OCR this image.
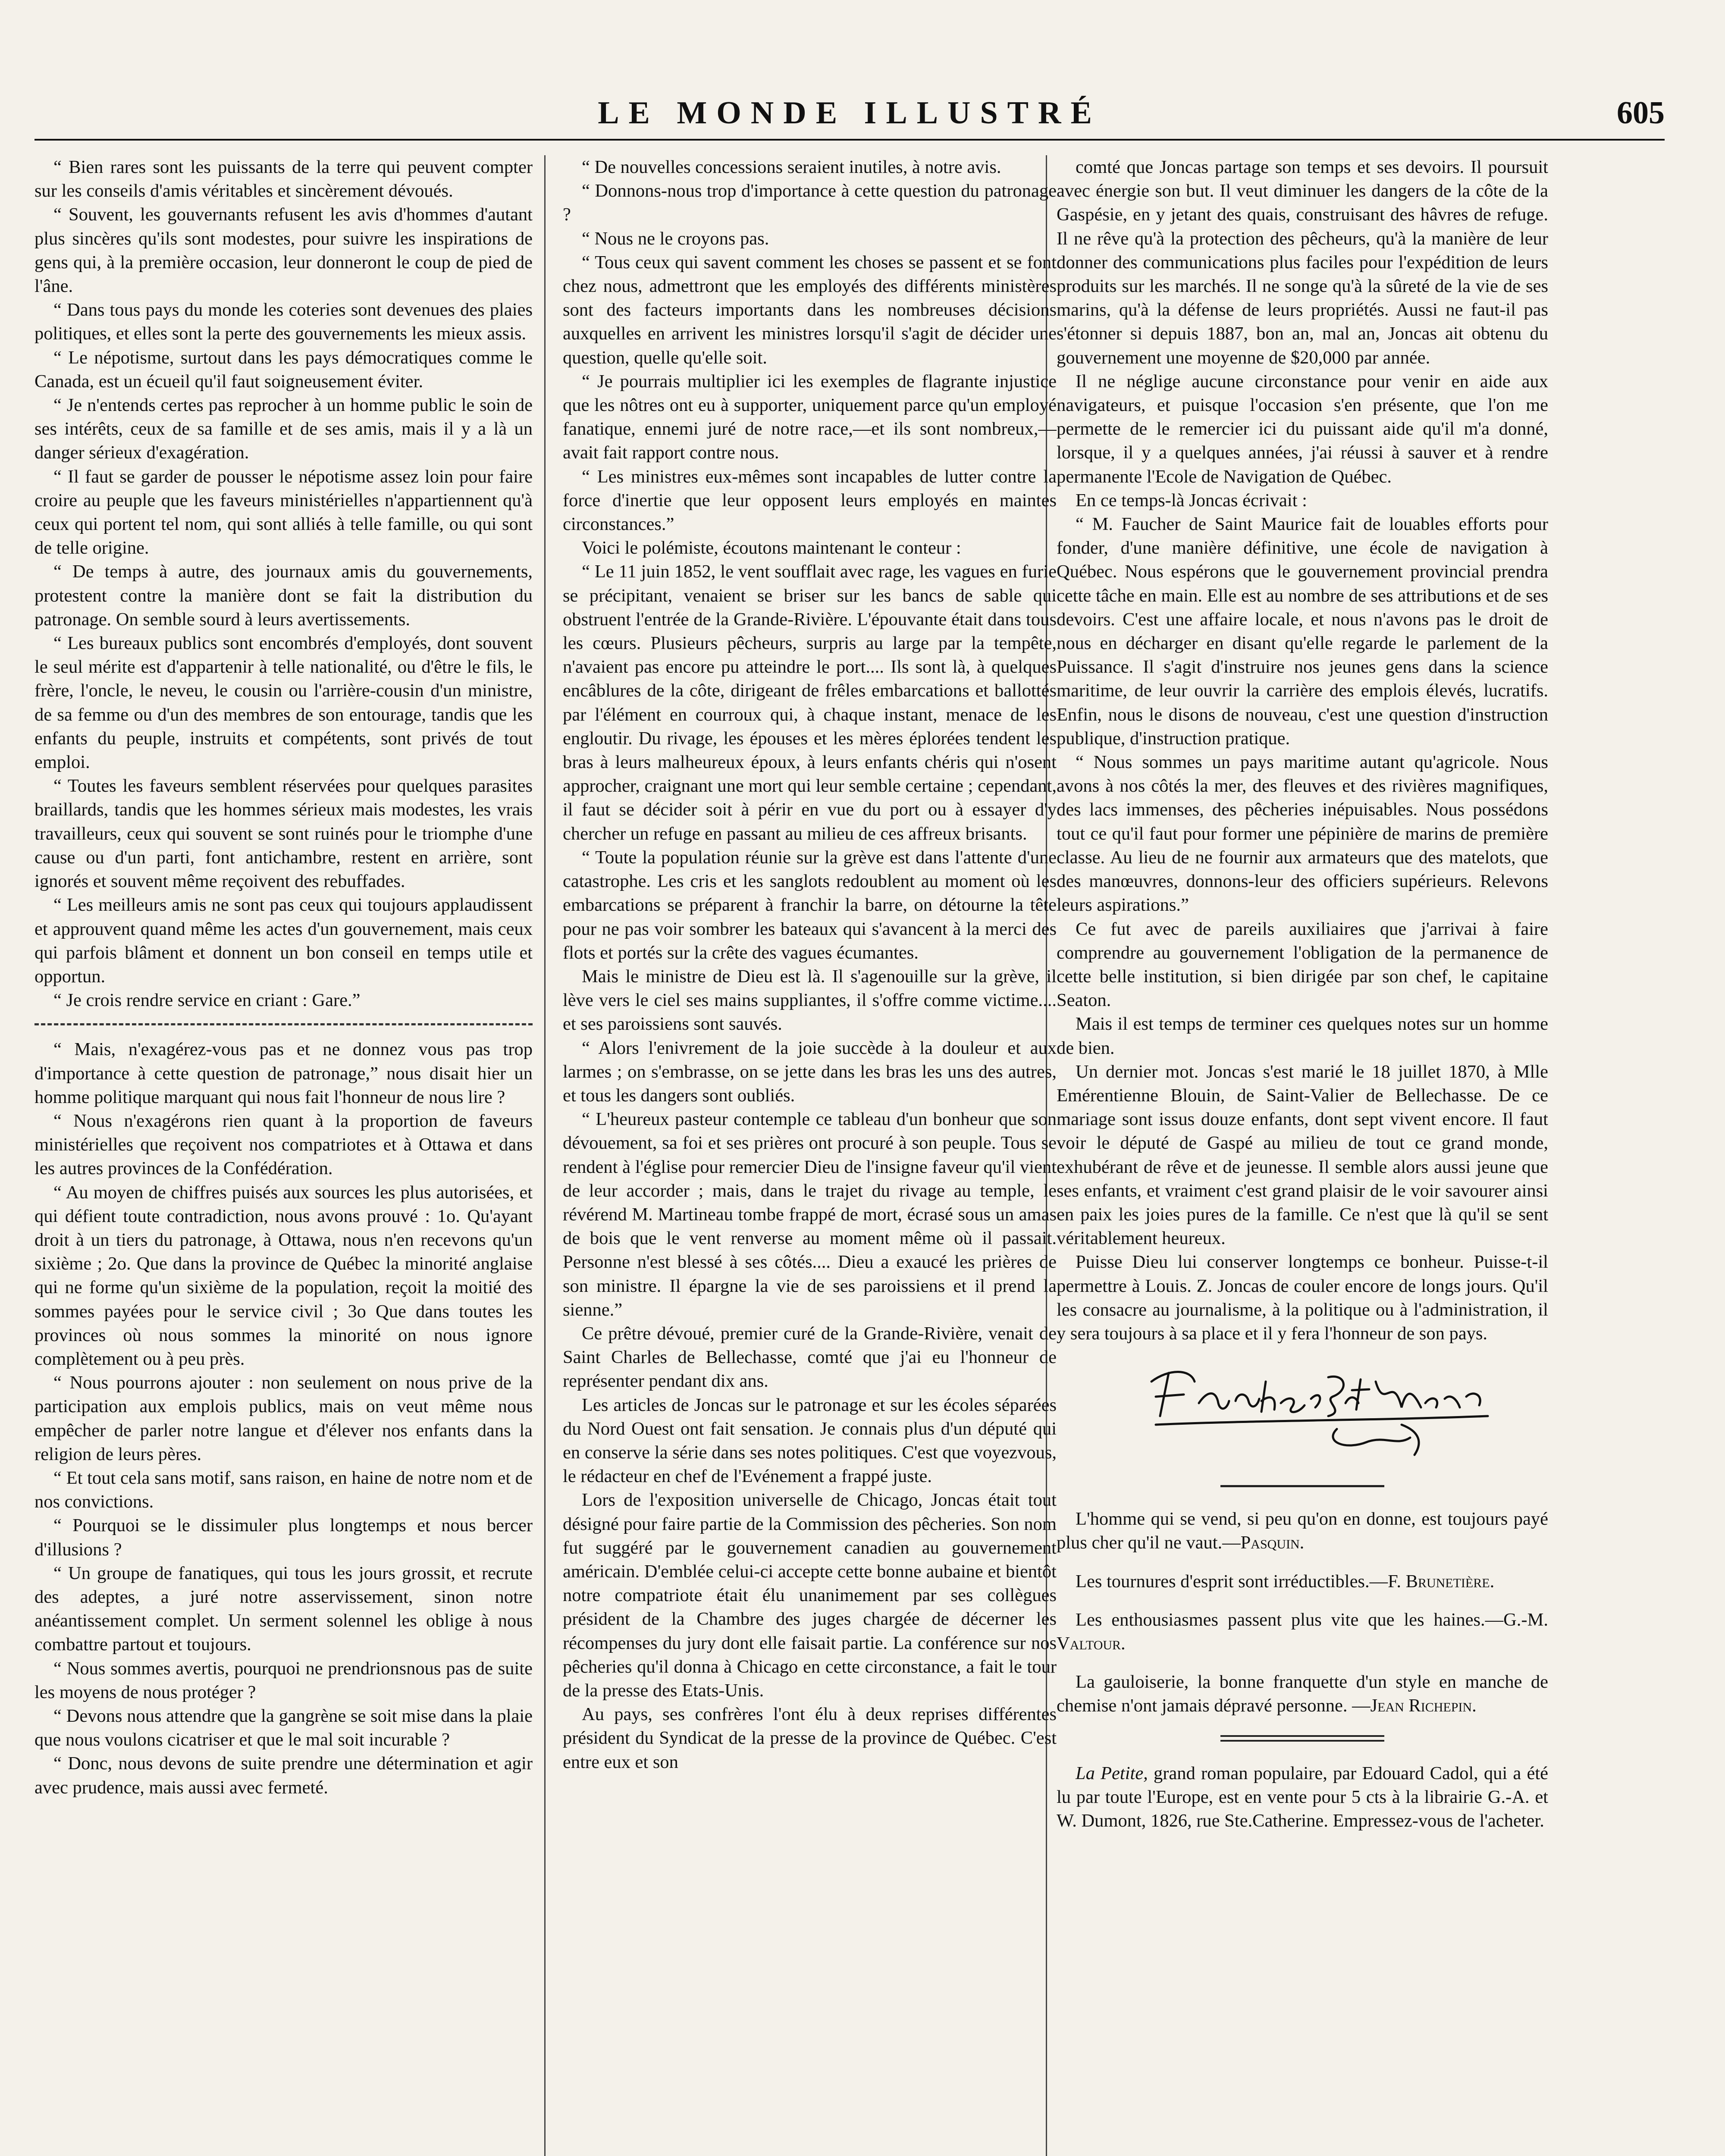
LE MONDE ILLUSTRÉ	605

“ Bien rares sont les puissants de la terre qui peuvent compter sur les conseils d'amis véritables et sincèrement dévoués.

“ Souvent, les gouvernants refusent les avis d'hommes d'autant plus sincères qu'ils sont modestes, pour suivre les inspirations de gens qui, à la première occasion, leur donneront le coup de pied de l'âne.

“ Dans tous pays du monde les coteries sont devenues des plaies politiques, et elles sont la perte des gouvernements les mieux assis.

“ Le népotisme, surtout dans les pays démocratiques comme le Canada, est un écueil qu'il faut soigneusement éviter.

“ Je n'entends certes pas reprocher à un homme public le soin de ses intérêts, ceux de sa famille et de ses amis, mais il y a là un danger sérieux d'exagération.

“ Il faut se garder de pousser le népotisme assez loin pour faire croire au peuple que les faveurs ministérielles n'appartiennent qu'à ceux qui portent tel nom, qui sont alliés à telle famille, ou qui sont de telle origine.

“ De temps à autre, des journaux amis du gouvernements, protestent contre la manière dont se fait la distribution du patronage. On semble sourd à leurs avertissements.

“ Les bureaux publics sont encombrés d'employés, dont souvent le seul mérite est d'appartenir à telle nationalité, ou d'être le fils, le frère, l'oncle, le neveu, le cousin ou l'arrière-cousin d'un ministre, de sa femme ou d'un des membres de son entourage, tandis que les enfants du peuple, instruits et compétents, sont privés de tout emploi.

“ Toutes les faveurs semblent réservées pour quelques parasites braillards, tandis que les hommes sérieux mais modestes, les vrais travailleurs, ceux qui souvent se sont ruinés pour le triomphe d'une cause ou d'un parti, font antichambre, restent en arrière, sont ignorés et souvent même reçoivent des rebuffades.

“ Les meilleurs amis ne sont pas ceux qui toujours applaudissent et approuvent quand même les actes d'un gouvernement, mais ceux qui parfois blâment et donnent un bon conseil en temps utile et opportun.

“ Je crois rendre service en criant : Gare.”

“ Mais, n'exagérez-vous pas et ne donnez vous pas trop d'importance à cette question de patronage,” nous disait hier un homme politique marquant qui nous fait l'honneur de nous lire ?

“ Nous n'exagérons rien quant à la proportion de faveurs ministérielles que reçoivent nos compatriotes et à Ottawa et dans les autres provinces de la Confédération.

“ Au moyen de chiffres puisés aux sources les plus autorisées, et qui défient toute contradiction, nous avons prouvé : 1o. Qu'ayant droit à un tiers du patronage, à Ottawa, nous n'en recevons qu'un sixième ; 2o. Que dans la province de Québec la minorité anglaise qui ne forme qu'un sixième de la population, reçoit la moitié des sommes payées pour le service civil ; 3o Que dans toutes les provinces où nous sommes la minorité on nous ignore complètement ou à peu près.

“ Nous pourrons ajouter : non seulement on nous prive de la participation aux emplois publics, mais on veut même nous empêcher de parler notre langue et d'élever nos enfants dans la religion de leurs pères.

“ Et tout cela sans motif, sans raison, en haine de notre nom et de nos convictions.

“ Pourquoi se le dissimuler plus longtemps et nous bercer d'illusions ?

“ Un groupe de fanatiques, qui tous les jours grossit, et recrute des adeptes, a juré notre asservissement, sinon notre anéantissement complet. Un serment solennel les oblige à nous combattre partout et toujours.

“ Nous sommes avertis, pourquoi ne prendrionsnous pas de suite les moyens de nous protéger ?

“ Devons nous attendre que la gangrène se soit mise dans la plaie que nous voulons cicatriser et que le mal soit incurable ?

“ Donc, nous devons de suite prendre une détermination et agir avec prudence, mais aussi avec fermeté.

“ De nouvelles concessions seraient inutiles, à notre avis.

“ Donnons-nous trop d'importance à cette question du patronage ?

“ Nous ne le croyons pas.

“ Tous ceux qui savent comment les choses se passent et se font chez nous, admettront que les employés des différents ministères sont des facteurs importants dans les nombreuses décisions auxquelles en arrivent les ministres lorsqu'il s'agit de décider une question, quelle qu'elle soit.

“ Je pourrais multiplier ici les exemples de flagrante injustice que les nôtres ont eu à supporter, uniquement parce qu'un employé fanatique, ennemi juré de notre race,—et ils sont nombreux,—avait fait rapport contre nous.

“ Les ministres eux-mêmes sont incapables de lutter contre la force d'inertie que leur opposent leurs employés en maintes circonstances.”

Voici le polémiste, écoutons maintenant le conteur :

“ Le 11 juin 1852, le vent soufflait avec rage, les vagues en furie se précipitant, venaient se briser sur les bancs de sable qui obstruent l'entrée de la Grande-Rivière. L'épouvante était dans tous les cœurs. Plusieurs pêcheurs, surpris au large par la tempête, n'avaient pas encore pu atteindre le port.... Ils sont là, à quelques encâblures de la côte, dirigeant de frêles embarcations et ballottés par l'élément en courroux qui, à chaque instant, menace de les engloutir. Du rivage, les épouses et les mères éplorées tendent les bras à leurs malheureux époux, à leurs enfants chéris qui n'osent approcher, craignant une mort qui leur semble certaine ; cependant, il faut se décider soit à périr en vue du port ou à essayer d'y chercher un refuge en passant au milieu de ces affreux brisants.

“ Toute la population réunie sur la grève est dans l'attente d'une catastrophe. Les cris et les sanglots redoublent au moment où les embarcations se préparent à franchir la barre, on détourne la tête pour ne pas voir sombrer les bateaux qui s'avancent à la merci des flots et portés sur la crête des vagues écumantes.

Mais le ministre de Dieu est là. Il s'agenouille sur la grève, il lève vers le ciel ses mains suppliantes, il s'offre comme victime.... et ses paroissiens sont sauvés.

“ Alors l'enivrement de la joie succède à la douleur et aux larmes ; on s'embrasse, on se jette dans les bras les uns des autres, et tous les dangers sont oubliés.

“ L'heureux pasteur contemple ce tableau d'un bonheur que son dévouement, sa foi et ses prières ont procuré à son peuple. Tous se rendent à l'église pour remercier Dieu de l'insigne faveur qu'il vient de leur accorder ; mais, dans le trajet du rivage au temple, le révérend M. Martineau tombe frappé de mort, écrasé sous un amas de bois que le vent renverse au moment même où il passait. Personne n'est blessé à ses côtés.... Dieu a exaucé les prières de son ministre. Il épargne la vie de ses paroissiens et il prend la sienne.”

Ce prêtre dévoué, premier curé de la Grande-Rivière, venait de Saint Charles de Bellechasse, comté que j'ai eu l'honneur de représenter pendant dix ans.

Les articles de Joncas sur le patronage et sur les écoles séparées du Nord Ouest ont fait sensation. Je connais plus d'un député qui en conserve la série dans ses notes politiques. C'est que voyezvous, le rédacteur en chef de l'Evénement a frappé juste.

Lors de l'exposition universelle de Chicago, Joncas était tout désigné pour faire partie de la Commission des pêcheries. Son nom fut suggéré par le gouvernement canadien au gouvernement américain. D'emblée celui-ci accepte cette bonne aubaine et bientôt notre compatriote était élu unanimement par ses collègues président de la Chambre des juges chargée de décerner les récompenses du jury dont elle faisait partie. La conférence sur nos pêcheries qu'il donna à Chicago en cette circonstance, a fait le tour de la presse des Etats-Unis.

Au pays, ses confrères l'ont élu à deux reprises différentes président du Syndicat de la presse de la province de Québec. C'est entre eux et son

comté que Joncas partage son temps et ses devoirs. Il poursuit avec énergie son but. Il veut diminuer les dangers de la côte de la Gaspésie, en y jetant des quais, construisant des hâvres de refuge. Il ne rêve qu'à la protection des pêcheurs, qu'à la manière de leur donner des communications plus faciles pour l'expédition de leurs produits sur les marchés. Il ne songe qu'à la sûreté de la vie de ses marins, qu'à la défense de leurs propriétés. Aussi ne faut-il pas s'étonner si depuis 1887, bon an, mal an, Joncas ait obtenu du gouvernement une moyenne de $20,000 par année.

Il ne néglige aucune circonstance pour venir en aide aux navigateurs, et puisque l'occasion s'en présente, que l'on me permette de le remercier ici du puissant aide qu'il m'a donné, lorsque, il y a quelques années, j'ai réussi à sauver et à rendre permanente l'Ecole de Navigation de Québec.

En ce temps-là Joncas écrivait :

“ M. Faucher de Saint Maurice fait de louables efforts pour fonder, d'une manière définitive, une école de navigation à Québec. Nous espérons que le gouvernement provincial prendra cette tâche en main. Elle est au nombre de ses attributions et de ses devoirs. C'est une affaire locale, et nous n'avons pas le droit de nous en décharger en disant qu'elle regarde le parlement de la Puissance. Il s'agit d'instruire nos jeunes gens dans la science maritime, de leur ouvrir la carrière des emplois élevés, lucratifs. Enfin, nous le disons de nouveau, c'est une question d'instruction publique, d'instruction pratique.

“ Nous sommes un pays maritime autant qu'agricole. Nous avons à nos côtés la mer, des fleuves et des rivières magnifiques, des lacs immenses, des pêcheries inépuisables. Nous possédons tout ce qu'il faut pour former une pépinière de marins de première classe. Au lieu de ne fournir aux armateurs que des matelots, que des manœuvres, donnons-leur des officiers supérieurs. Relevons leurs aspirations.”

Ce fut avec de pareils auxiliaires que j'arrivai à faire comprendre au gouvernement l'obligation de la permanence de cette belle institution, si bien dirigée par son chef, le capitaine Seaton.

Mais il est temps de terminer ces quelques notes sur un homme de bien.

Un dernier mot. Joncas s'est marié le 18 juillet 1870, à Mlle Emérentienne Blouin, de Saint-Valier de Bellechasse. De ce mariage sont issus douze enfants, dont sept vivent encore. Il faut voir le député de Gaspé au milieu de tout ce grand monde, exhubérant de rêve et de jeunesse. Il semble alors aussi jeune que ses enfants, et vraiment c'est grand plaisir de le voir savourer ainsi en paix les joies pures de la famille. Ce n'est que là qu'il se sent véritablement heureux.

Puisse Dieu lui conserver longtemps ce bonheur. Puisse-t-il permettre à Louis. Z. Joncas de couler encore de longs jours. Qu'il les consacre au journalisme, à la politique ou à l'administration, il y sera toujours à sa place et il y fera l'honneur de son pays.

L'homme qui se vend, si peu qu'on en donne, est toujours payé plus cher qu'il ne vaut.—Pasquin.

Les tournures d'esprit sont irréductibles.—F. Brunetière.

Les enthousiasmes passent plus vite que les haines.—G.-M. Valtour.

La gauloiserie, la bonne franquette d'un style en manche de chemise n'ont jamais dépravé personne. —Jean Richepin.

La Petite, grand roman populaire, par Edouard Cadol, qui a été lu par toute l'Europe, est en vente pour 5 cts à la librairie G.-A. et W. Dumont, 1826, rue Ste.Catherine. Empressez-vous de l'acheter.
